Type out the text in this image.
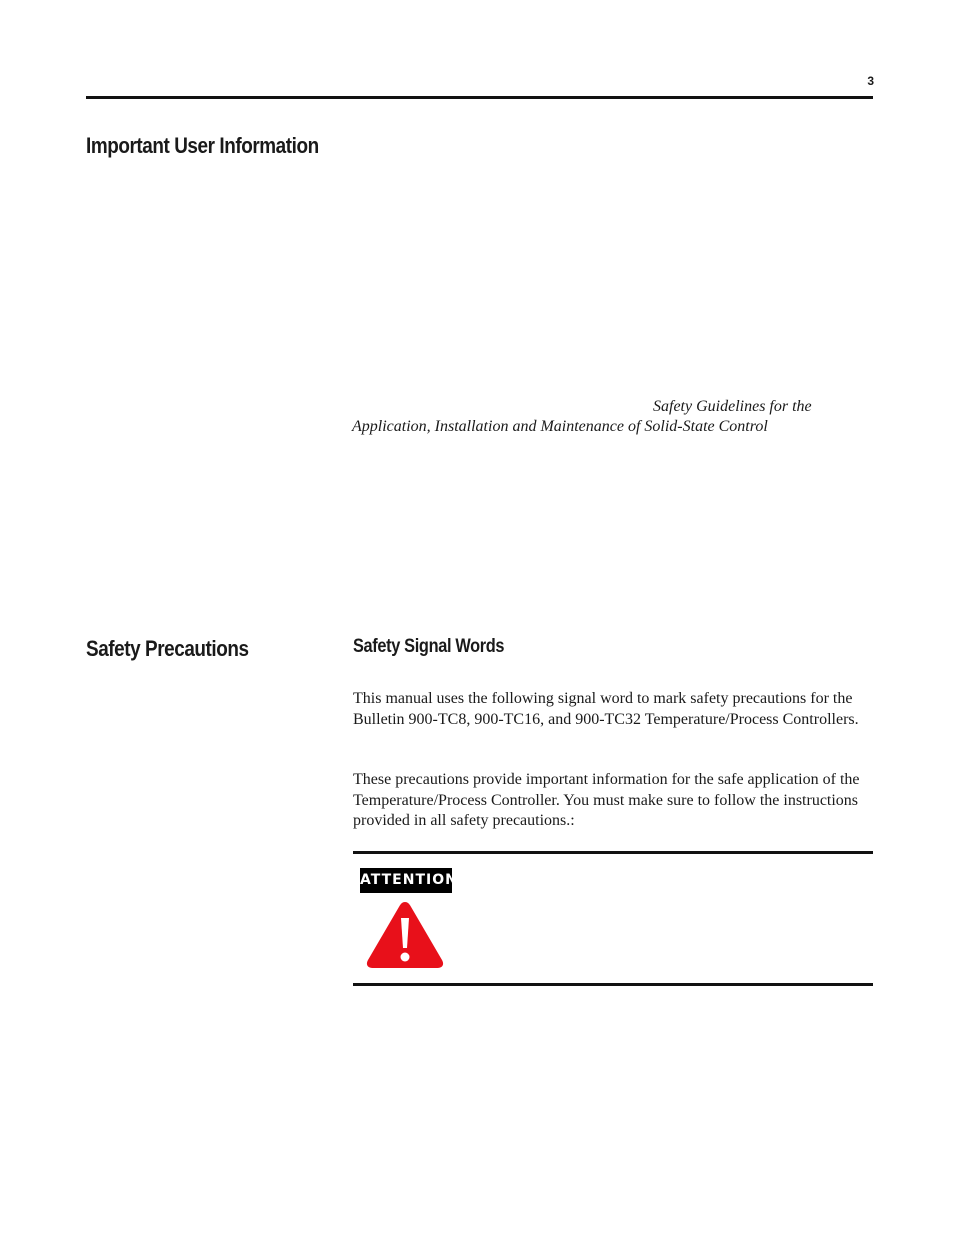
3
Important User Information
Safety Guidelines for the
Application, Installation and Maintenance of Solid-State Control
Safety Precautions	Safety Signal Words

This manual uses the following signal word to mark safety precautions for the Bulletin 900-TC8, 900-TC16, and 900-TC32 Temperature/Process Controllers.

These precautions provide important information for the safe application of the Temperature/Process Controller. You must make sure to follow the instructions provided in all safety precautions.:

ATTENTION
